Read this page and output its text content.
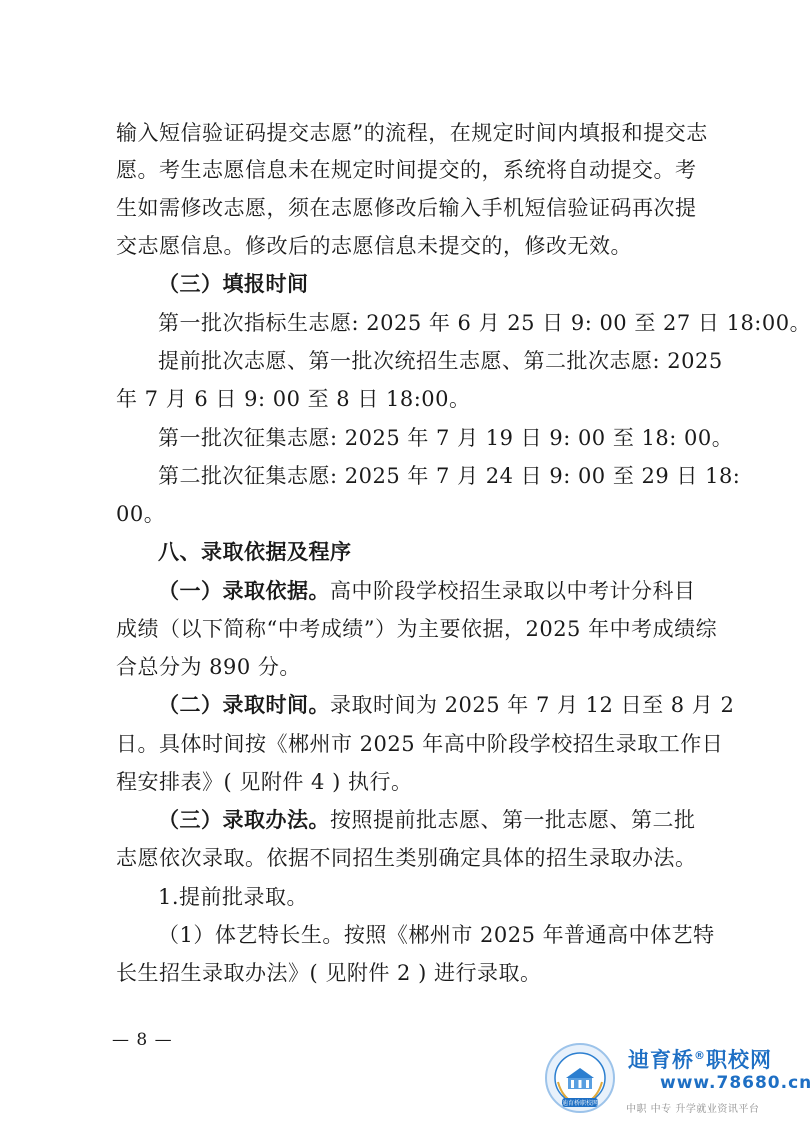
输入短信验证码提交志愿”的流程，在规定时间内填报和提交志
愿。考生志愿信息未在规定时间提交的，系统将自动提交。考
生如需修改志愿，须在志愿修改后输入手机短信验证码再次提
交志愿信息。修改后的志愿信息未提交的，修改无效。
（三）填报时间
第一批次指标生志愿: 2025 年 6 月 25 日 9: 00 至 27 日 18:00。
提前批次志愿、第一批次统招生志愿、第二批次志愿: 2025
年 7 月 6 日 9: 00 至 8 日 18:00。
第一批次征集志愿: 2025 年 7 月 19 日 9: 00 至 18: 00。
第二批次征集志愿: 2025 年 7 月 24 日 9: 00 至 29 日 18:
00。
八、录取依据及程序
（一）录取依据。高中阶段学校招生录取以中考计分科目
成绩（以下简称“中考成绩”）为主要依据，2025 年中考成绩综
合总分为 890 分。
（二）录取时间。录取时间为 2025 年 7 月 12 日至 8 月 2
日。具体时间按《郴州市 2025 年高中阶段学校招生录取工作日
程安排表》( 见附件 4 ) 执行。
（三）录取办法。按照提前批志愿、第一批志愿、第二批
志愿依次录取。依据不同招生类别确定具体的招生录取办法。
1.提前批录取。
（1）体艺特长生。按照《郴州市 2025 年普通高中体艺特
长生招生录取办法》( 见附件 2 ) 进行录取。
— 8 —
迪育桥职校网
迪育桥®职校网
www.78680.cn
中职 中专 升学就业资讯平台
